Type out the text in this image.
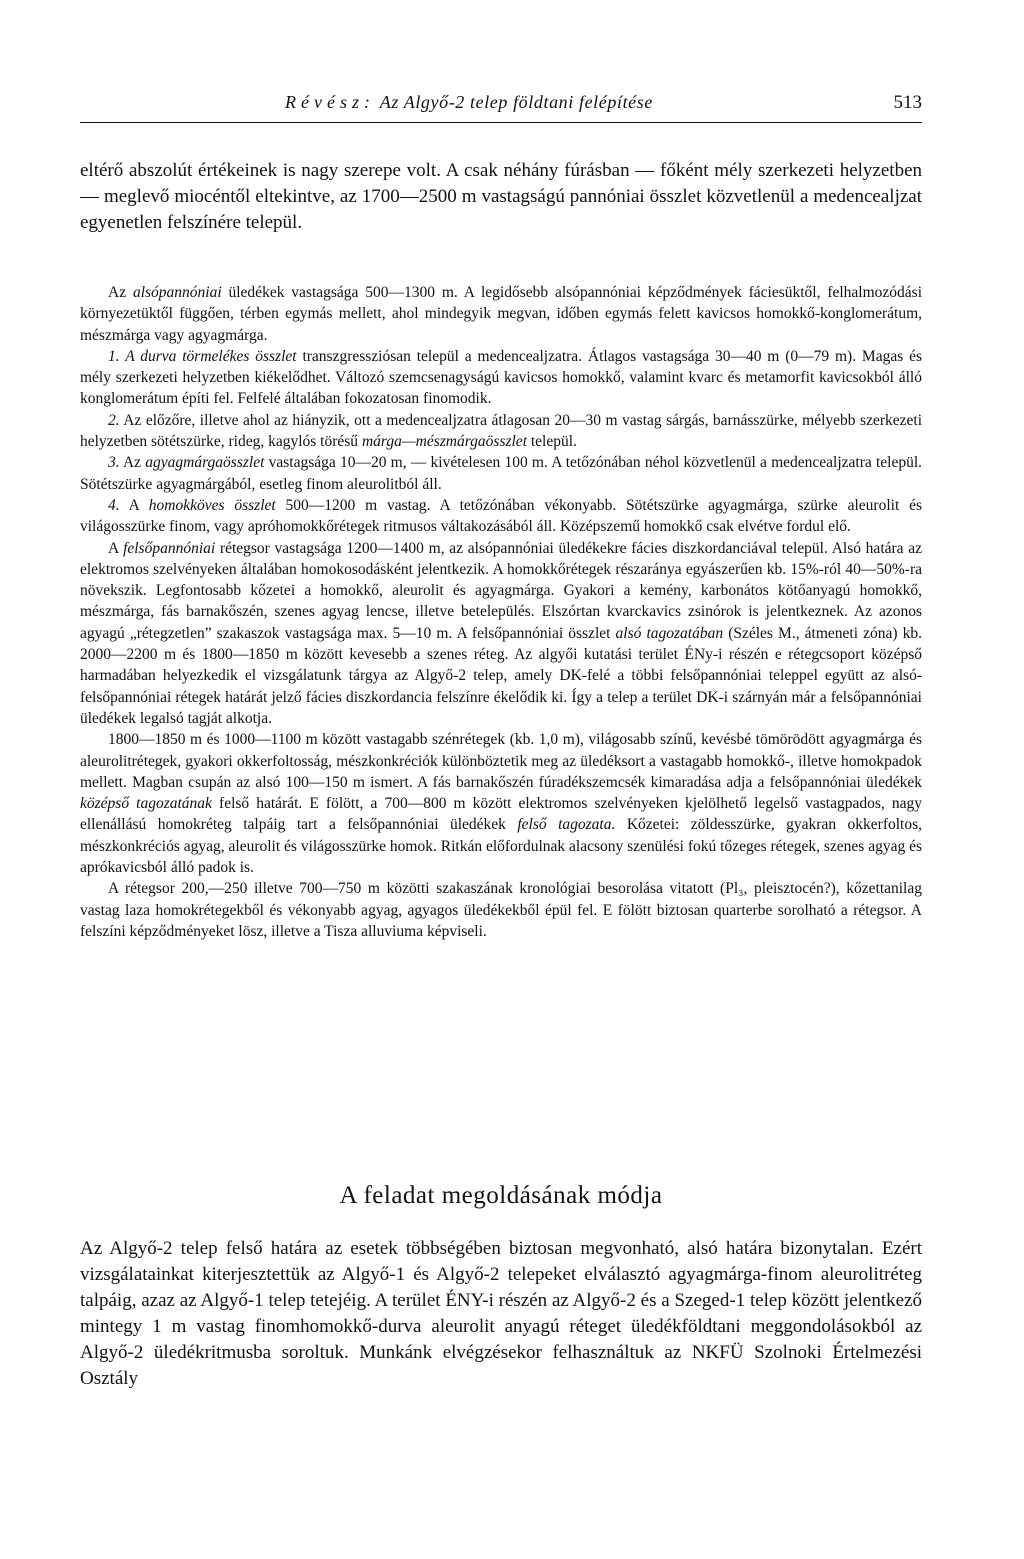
Révész: Az Algyő-2 telep földtani felépítése	513

eltérő abszolút értékeinek is nagy szerepe volt. A csak néhány fúrásban — főként mély szerkezeti helyzetben — meglevő miocéntől eltekintve, az 1700—2500 m vastagságú pannóniai összlet közvetlenül a medencealjzat egyenetlen felszínére települ.

Az alsópannóniai üledékek vastagsága 500—1300 m. A legidősebb alsópannóniai képződmények fáciesüktől, felhalmozódási környezetüktől függően, térben egymás mellett, ahol mindegyik megvan, időben egymás felett kavicsos homokkő-konglomerátum, mészmárga vagy agyagmárga.

1. A durva törmelékes összlet transzgressziósan települ a medencealjzatra. Átlagos vastagsága 30—40 m (0—79 m). Magas és mély szerkezeti helyzetben kiékelődhet. Változó szemcsenagyságú kavicsos homokkő, valamint kvarc és metamorfit kavicsokból álló konglomerátum építi fel. Felfelé általában fokozatosan finomodik.

2. Az előzőre, illetve ahol az hiányzik, ott a medencealjzatra átlagosan 20—30 m vastag sárgás, barnásszürke, mélyebb szerkezeti helyzetben sötétszürke, rideg, kagylós törésű márga—mészmárgaösszlet települ.

3. Az agyagmárgaösszlet vastagsága 10—20 m, — kivételesen 100 m. A tetőzónában néhol közvetlenül a medencealjzatra települ. Sötétszürke agyagmárgából, esetleg finom aleurolitból áll.

4. A homokköves összlet 500—1200 m vastag. A tetőzónában vékonyabb. Sötétszürke agyagmárga, szürke aleurolit és világosszürke finom, vagy apróhomokkőrétegek ritmusos váltakozásából áll. Középszemű homokkő csak elvétve fordul elő.

A felsőpannóniai rétegsor vastagsága 1200—1400 m, az alsópannóniai üledékekre fácies diszkordanciával települ. Alsó határa az elektromos szelvényeken általában homokosodásként jelentkezik. A homokkőrétegek részaránya egyászerűen kb. 15%-ról 40—50%-ra növekszik. Legfontosabb kőzetei a homokkő, aleurolit és agyagmárga. Gyakori a kemény, karbonátos kötőanyagú homokkő, mészmárga, fás barnakőszén, szenes agyag lencse, illetve betelepülés. Elszórtan kvarckavics zsinórok is jelentkeznek. Az azonos agyagú „rétegzetlen” szakaszok vastagsága max. 5—10 m. A felsőpannóniai összlet alsó tagozatában (Széles M., átmeneti zóna) kb. 2000—2200 m és 1800—1850 m között kevesebb a szenes réteg. Az algyői kutatási terület ÉNy-i részén e rétegcsoport középső harmadában helyezkedik el vizsgálatunk tárgya az Algyő-2 telep, amely DK-felé a többi felsőpannóniai teleppel együtt az alsó-felsőpannóniai rétegek határát jelző fácies diszkordancia felszínre ékelődik ki. Így a telep a terület DK-i szárnyán már a felsőpannóniai üledékek legalsó tagját alkotja.

1800—1850 m és 1000—1100 m között vastagabb szénrétegek (kb. 1,0 m), világosabb színű, kevésbé tömörödött agyagmárga és aleurolitrétegek, gyakori okkerfoltosság, mészkonkréciók különböztetik meg az üledéksort a vastagabb homokkő-, illetve homokpadok mellett. Magban csupán az alsó 100—150 m ismert. A fás barnakőszén fúradékszemcsék kimaradása adja a felsőpannóniai üledékek középső tagozatának felső határát. E fölött, a 700—800 m között elektromos szelvényeken kjelölhető legelső vastagpados, nagy ellenállású homokréteg talpáig tart a felsőpannóniai üledékek felső tagozata. Kőzetei: zöldesszürke, gyakran okkerfoltos, mészkonkréciós agyag, aleurolit és világosszürke homok. Ritkán előfordulnak alacsony szenülési fokú tőzeges rétegek, szenes agyag és aprókavicsból álló padok is.

A rétegsor 200,—250 illetve 700—750 m közötti szakaszának kronológiai besorolása vitatott (Pl₃, pleisztocén?), kőzettanilag vastag laza homokrétegekből és vékonyabb agyag, agyagos üledékekből épül fel. E fölött biztosan quarterbe sorolható a rétegsor. A felszíni képződményeket lösz, illetve a Tisza alluviuma képviseli.

A feladat megoldásának módja

Az Algyő-2 telep felső határa az esetek többségében biztosan megvonható, alsó határa bizonytalan. Ezért vizsgálatainkat kiterjesztettük az Algyő-1 és Algyő-2 telepeket elválasztó agyagmárga-finom aleurolitréteg talpáig, azaz az Algyő-1 telep tetejéig. A terület ÉNY-i részén az Algyő-2 és a Szeged-1 telep között jelentkező mintegy 1 m vastag finomhomokkő-durva aleurolit anyagú réteget üledékföldtani meggondolásokból az Algyő-2 üledékritmusba soroltuk. Munkánk elvégzésekor felhasználtuk az NKFÜ Szolnoki Értelmezési Osztály
